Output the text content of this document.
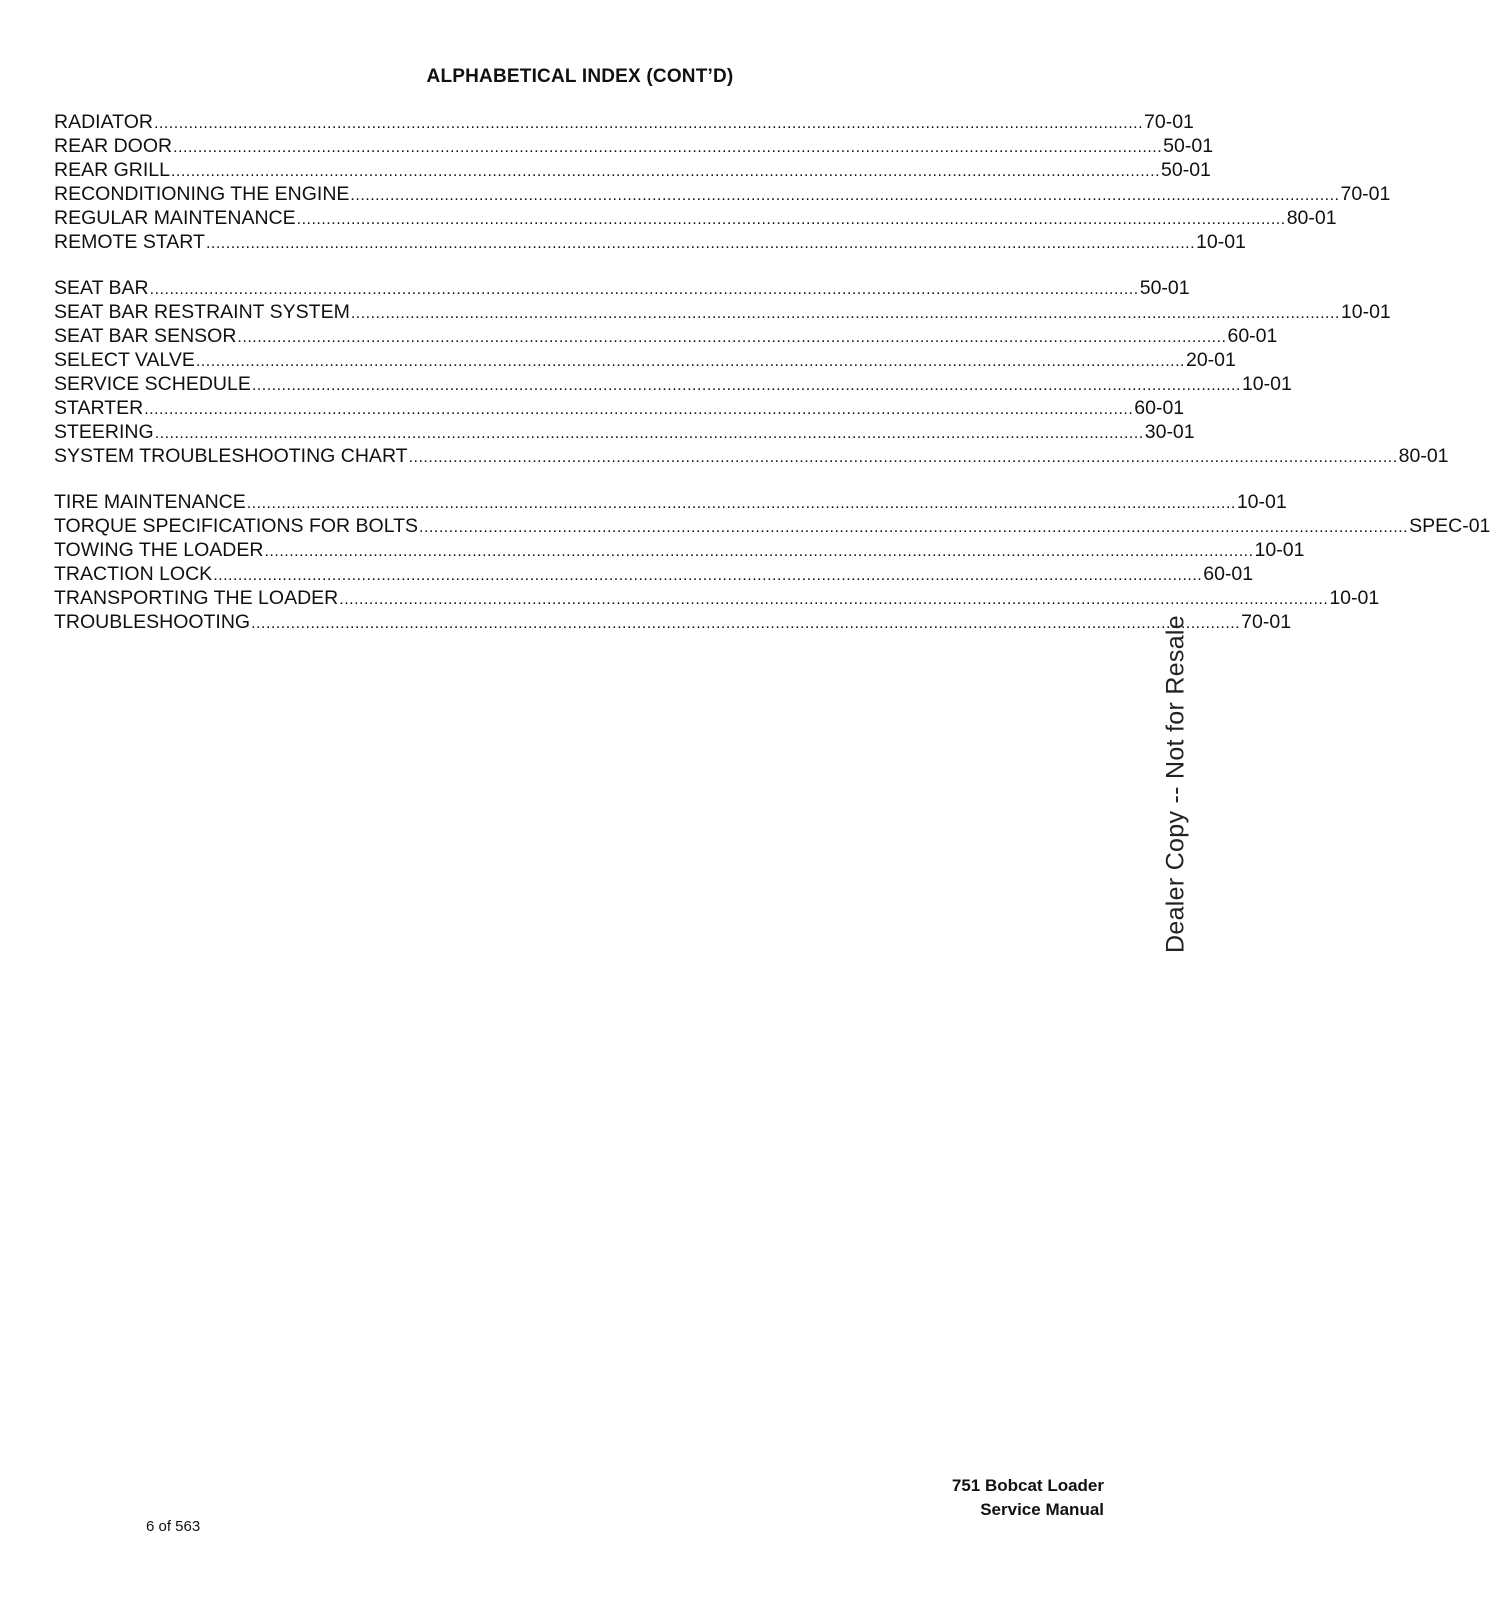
ALPHABETICAL INDEX (CONT’D)
RADIATOR ........................................................................................................................................................................................................ 70-01
REAR DOOR ........................................................................................................................................................................................................ 50-01
REAR GRILL ........................................................................................................................................................................................................ 50-01
RECONDITIONING THE ENGINE ........................................................................................................................................................................................................ 70-01
REGULAR MAINTENANCE ........................................................................................................................................................................................................ 80-01
REMOTE START ........................................................................................................................................................................................................ 10-01
SEAT BAR ........................................................................................................................................................................................................ 50-01
SEAT BAR RESTRAINT SYSTEM ........................................................................................................................................................................................................ 10-01
SEAT BAR SENSOR ........................................................................................................................................................................................................ 60-01
SELECT VALVE ........................................................................................................................................................................................................ 20-01
SERVICE SCHEDULE ........................................................................................................................................................................................................ 10-01
STARTER ........................................................................................................................................................................................................ 60-01
STEERING ........................................................................................................................................................................................................ 30-01
SYSTEM TROUBLESHOOTING CHART ........................................................................................................................................................................................................ 80-01
TIRE MAINTENANCE ........................................................................................................................................................................................................ 10-01
TORQUE SPECIFICATIONS FOR BOLTS ........................................................................................................................................................................................................ SPEC-01
TOWING THE LOADER ........................................................................................................................................................................................................ 10-01
TRACTION LOCK ........................................................................................................................................................................................................ 60-01
TRANSPORTING THE LOADER ........................................................................................................................................................................................................ 10-01
TROUBLESHOOTING ........................................................................................................................................................................................................ 70-01
Dealer Copy -- Not for Resale
751 Bobcat Loader
Service Manual
6 of 563
